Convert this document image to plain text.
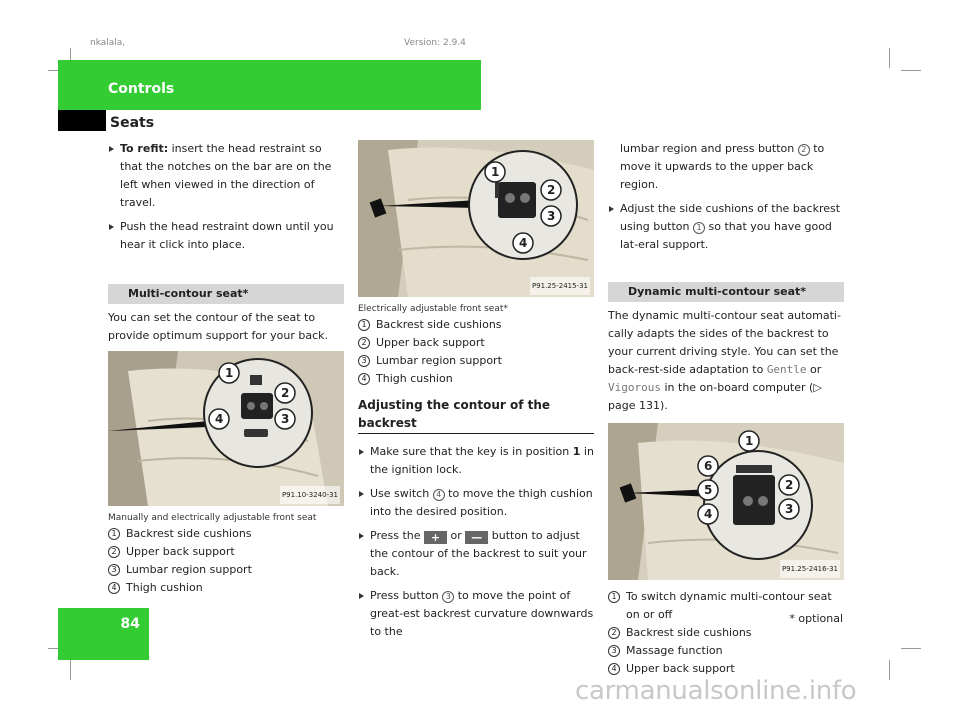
nkalala,	Version: 2.9.4
Controls
Seats
To refit: insert the head restraint so that the notches on the bar are on the left when viewed in the direction of travel.
Push the head restraint down until you hear it click into place.
Multi-contour seat*
You can set the contour of the seat to provide optimum support for your back.
1
2
3
4
P91.10-3240-31
Manually and electrically adjustable front seat
1 Backrest side cushions
2 Upper back support
3 Lumbar region support
4 Thigh cushion
1
2
3
4
P91.25-2415-31
Electrically adjustable front seat*
1 Backrest side cushions
2 Upper back support
3 Lumbar region support
4 Thigh cushion
Adjusting the contour of the backrest
Make sure that the key is in position 1 in the ignition lock.
Use switch 4 to move the thigh cushion into the desired position.
Press the + or — button to adjust the contour of the backrest to suit your back.
Press button 3 to move the point of great-est backrest curvature downwards to the
lumbar region and press button 2 to move it upwards to the upper back region.
Adjust the side cushions of the backrest using button 1 so that you have good lat-eral support.
Dynamic multi-contour seat*
The dynamic multi-contour seat automati-cally adapts the sides of the backrest to your current driving style. You can set the back-rest-side adaptation to Gentle or Vigorous in the on-board computer (▷ page 131).
1
2
3
4
5
6
P91.25-2416-31
1 To switch dynamic multi-contour seat on or off
2 Backrest side cushions
3 Massage function
4 Upper back support
84	* optional
carmanualsonline.info
